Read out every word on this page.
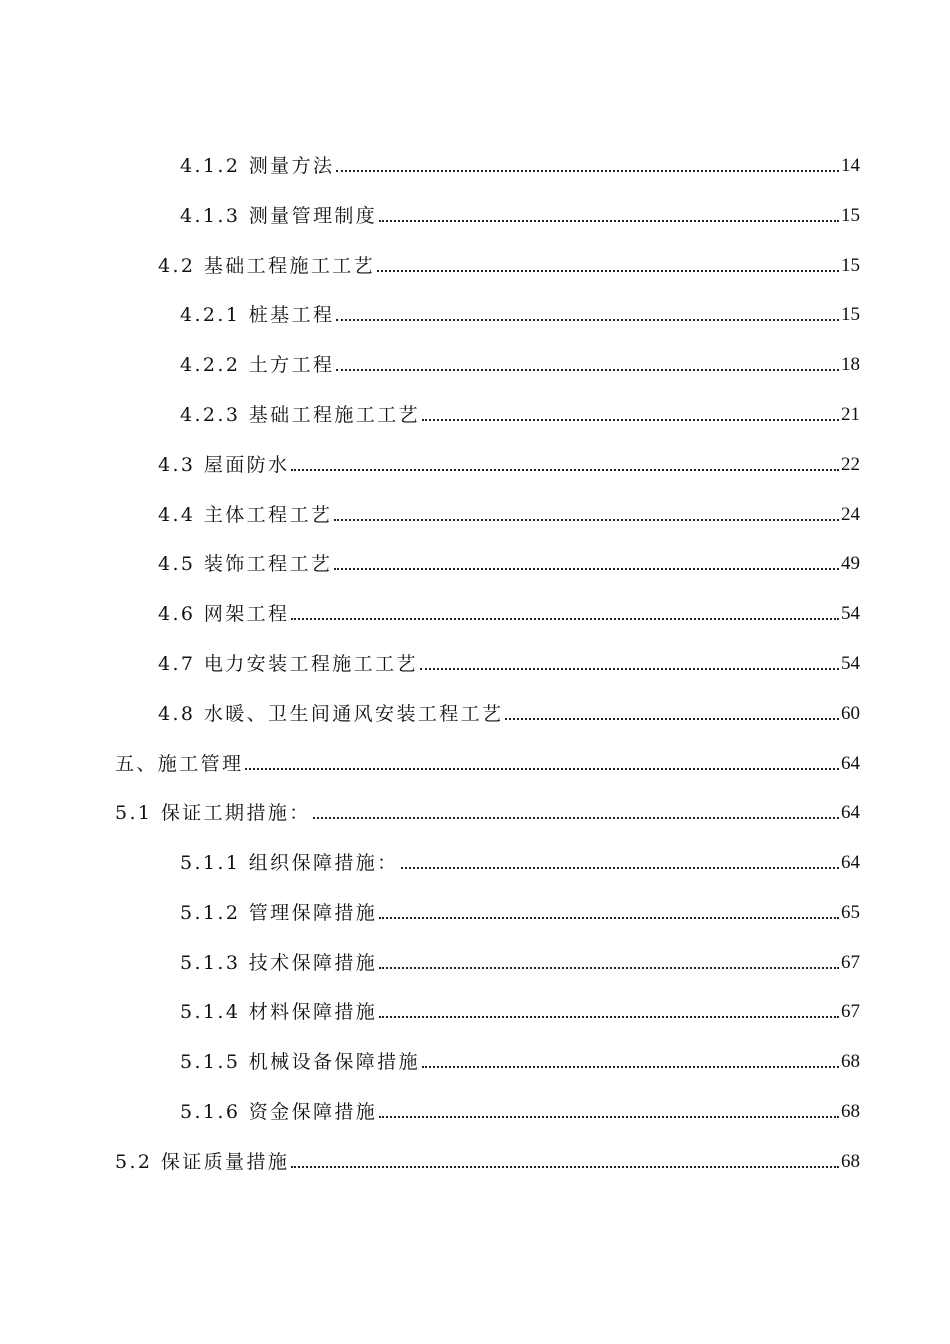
4.1.2 测量方法	14
4.1.3 测量管理制度	15
4.2 基础工程施工工艺	15
4.2.1 桩基工程	15
4.2.2 土方工程	18
4.2.3 基础工程施工工艺	21
4.3 屋面防水	22
4.4 主体工程工艺	24
4.5 装饰工程工艺	49
4.6 网架工程	54
4.7 电力安装工程施工工艺	54
4.8 水暖、卫生间通风安装工程工艺	60
五、施工管理	64
5.1 保证工期措施：	64
5.1.1 组织保障措施：	64
5.1.2 管理保障措施	65
5.1.3 技术保障措施	67
5.1.4 材料保障措施	67
5.1.5 机械设备保障措施	68
5.1.6 资金保障措施	68
5.2 保证质量措施	68
